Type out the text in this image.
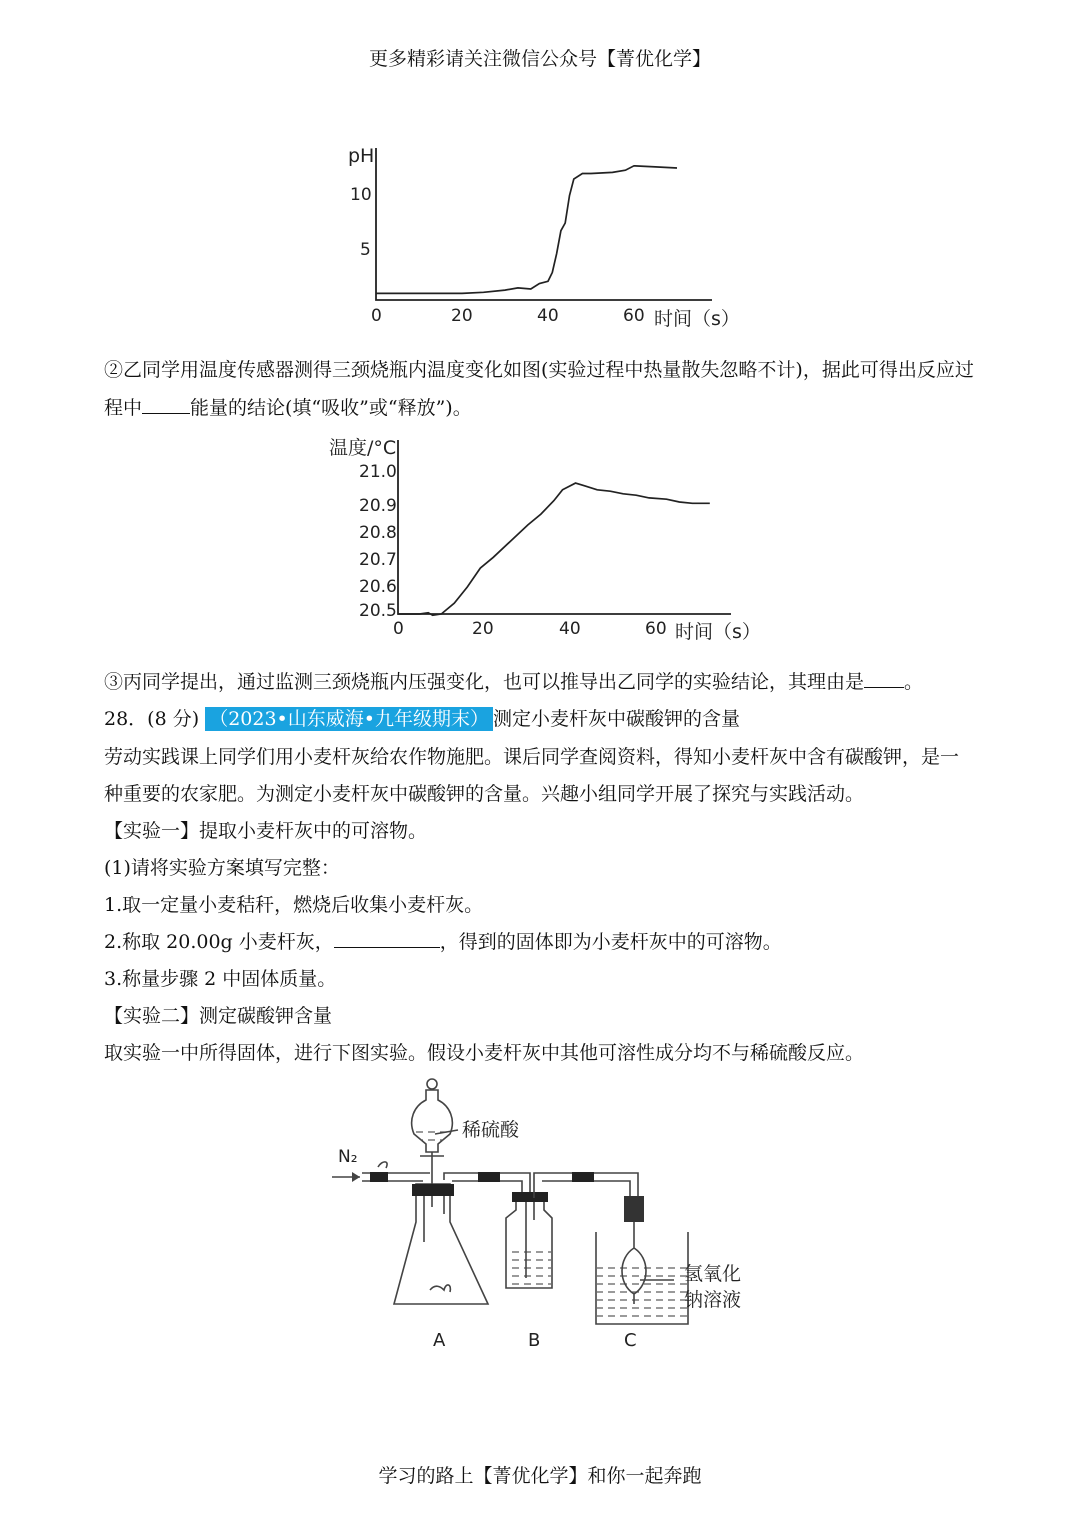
更多精彩请关注微信公众号【菁优化学】
pH
10
5
0	20	40	60 时间（s）
②乙同学用温度传感器测得三颈烧瓶内温度变化如图(实验过程中热量散失忽略不计)，据此可得出反应过
程中	能量的结论(填“吸收”或“释放”)。
温度/°C
21.0
20.9
20.8
20.7
20.6
20.5
0	20	40	60 时间（s）
③丙同学提出，通过监测三颈烧瓶内压强变化，也可以推导出乙同学的实验结论，其理由是 。
28．(8 分) （2023•山东威海•九年级期末） 测定小麦杆灰中碳酸钾的含量
劳动实践课上同学们用小麦杆灰给农作物施肥。课后同学查阅资料，得知小麦杆灰中含有碳酸钾，是一
种重要的农家肥。为测定小麦杆灰中碳酸钾的含量。兴趣小组同学开展了探究与实践活动。
【实验一】提取小麦杆灰中的可溶物。
(1)请将实验方案填写完整：
1.取一定量小麦秸秆，燃烧后收集小麦杆灰。
2.称取 20.00g 小麦杆灰，	，得到的固体即为小麦杆灰中的可溶物。
3.称量步骤 2 中固体质量。
【实验二】测定碳酸钾含量
取实验一中所得固体，进行下图实验。假设小麦杆灰中其他可溶性成分均不与稀硫酸反应。
N₂
稀硫酸
氢氧化
钠溶液
A	B	C
学习的路上【菁优化学】和你一起奔跑
